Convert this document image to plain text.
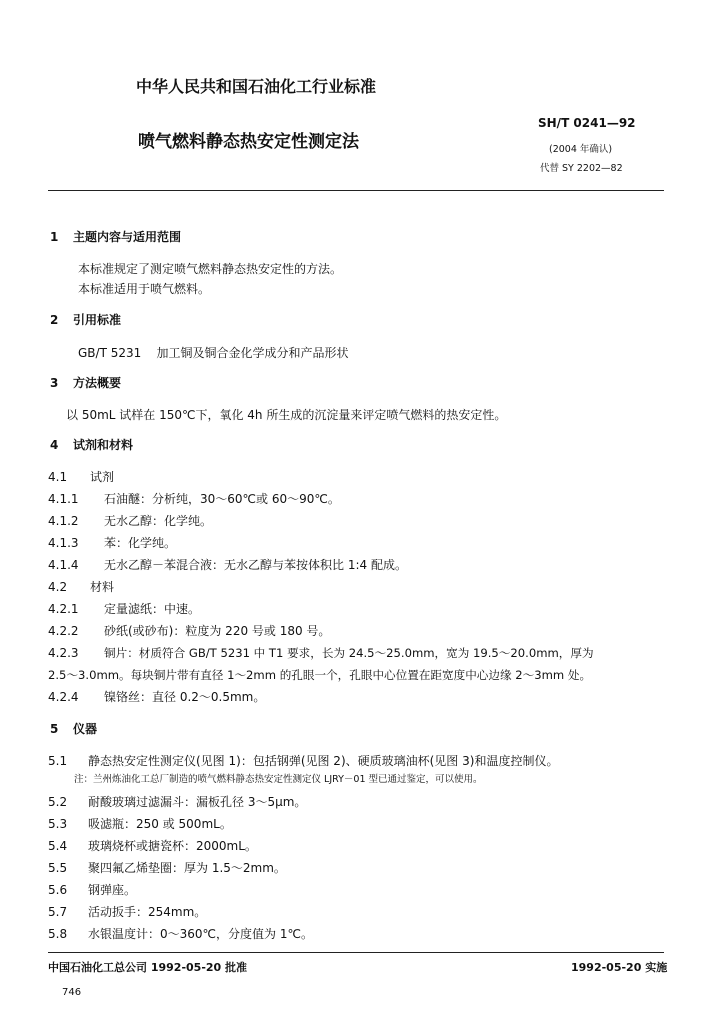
中华人民共和国石油化工行业标准
喷气燃料静态热安定性测定法
SH/T 0241—92
(2004 年确认)
代替 SY 2202—82
1 主题内容与适用范围
本标准规定了测定喷气燃料静态热安定性的方法。
本标准适用于喷气燃料。
2 引用标准
GB/T 5231    加工铜及铜合金化学成分和产品形状
3 方法概要
以 50mL 试样在 150℃下，氧化 4h 所生成的沉淀量来评定喷气燃料的热安定性。
4 试剂和材料
4.1 试剂
4.1.1 石油醚：分析纯，30～60℃或 60～90℃。
4.1.2 无水乙醇：化学纯。
4.1.3 苯：化学纯。
4.1.4 无水乙醇－苯混合液：无水乙醇与苯按体积比 1:4 配成。
4.2 材料
4.2.1 定量滤纸：中速。
4.2.2 砂纸(或砂布)：粒度为 220 号或 180 号。
4.2.3 铜片：材质符合 GB/T 5231 中 T1 要求，长为 24.5～25.0mm，宽为 19.5～20.0mm，厚为
2.5～3.0mm。每块铜片带有直径 1～2mm 的孔眼一个，孔眼中心位置在距宽度中心边缘 2～3mm 处。
4.2.4 镍铬丝：直径 0.2～0.5mm。
5 仪器
5.1 静态热安定性测定仪(见图 1)：包括钢弹(见图 2)、硬质玻璃油杯(见图 3)和温度控制仪。
注：兰州炼油化工总厂制造的喷气燃料静态热安定性测定仪 LJRY－01 型已通过鉴定，可以使用。
5.2 耐酸玻璃过滤漏斗：漏板孔径 3～5μm。
5.3 吸滤瓶：250 或 500mL。
5.4 玻璃烧杯或搪瓷杯：2000mL。
5.5 聚四氟乙烯垫圈：厚为 1.5～2mm。
5.6 钢弹座。
5.7 活动扳手：254mm。
5.8 水银温度计：0～360℃，分度值为 1℃。
中国石油化工总公司 1992-05-20 批准	1992-05-20 实施
746
